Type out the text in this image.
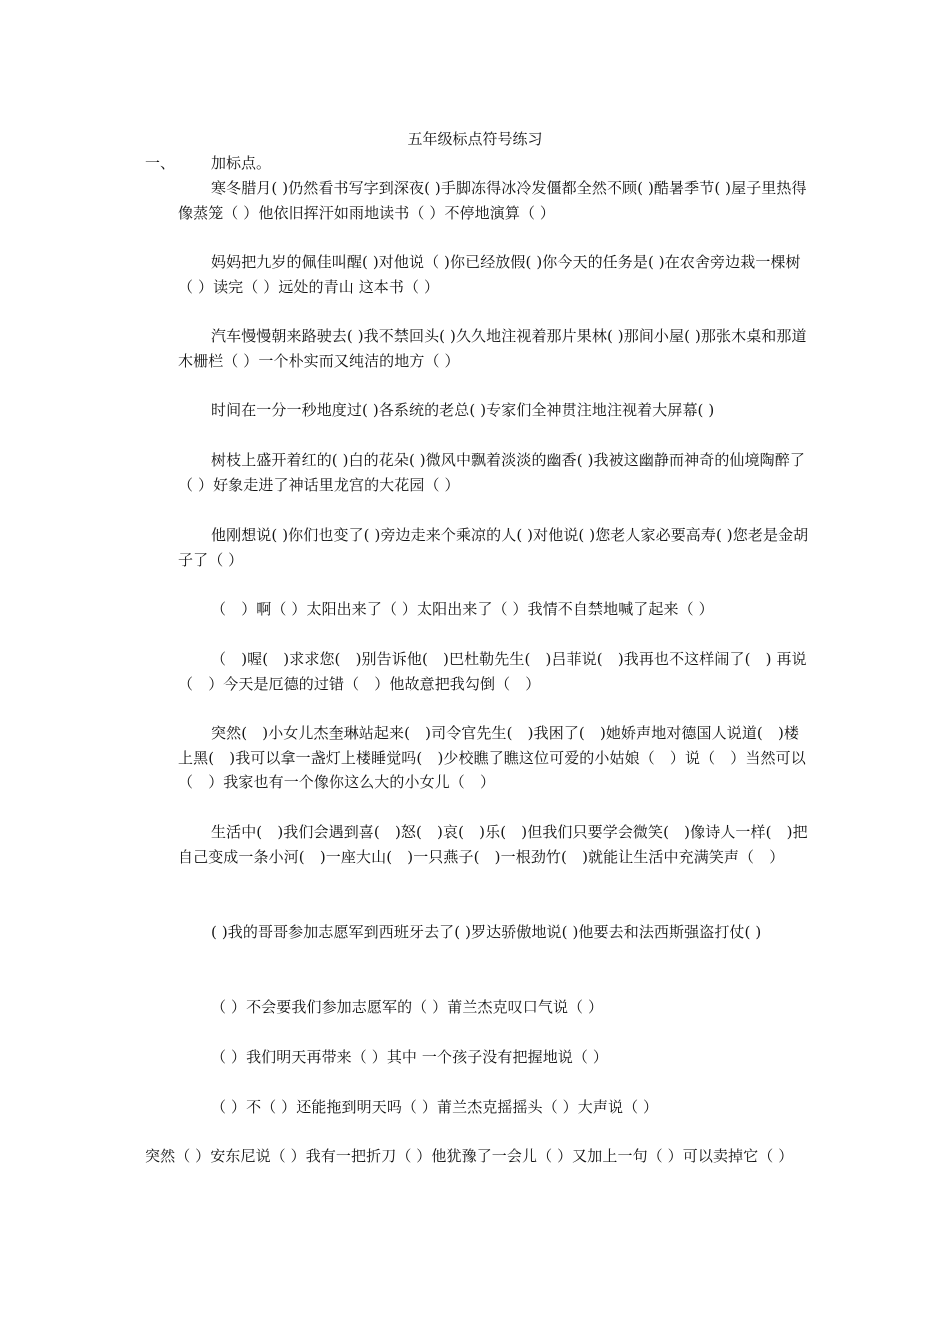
五年级标点符号练习
一、 加标点。
寒冬腊月( )仍然看书写字到深夜( )手脚冻得冰冷发僵都全然不顾( )酷暑季节( )屋子里热得像蒸笼（ ）他依旧挥汗如雨地读书（ ）不停地演算（ ）
妈妈把九岁的佩佳叫醒( )对他说（ )你已经放假( )你今天的任务是( )在农舍旁边栽一棵树（ ）读完（ ）远处的青山 这本书（ ）
汽车慢慢朝来路驶去( )我不禁回头( )久久地注视着那片果林( )那间小屋( )那张木桌和那道木栅栏（ ）一个朴实而又纯洁的地方（ ）
时间在一分一秒地度过( )各系统的老总( )专家们全神贯注地注视着大屏幕( )
树枝上盛开着红的( )白的花朵( )微风中飘着淡淡的幽香( )我被这幽静而神奇的仙境陶醉了（ ）好象走进了神话里龙宫的大花园（ ）
他刚想说( )你们也变了( )旁边走来个乘凉的人( )对他说( )您老人家必要高寿( )您老是金胡子了（ ）
（　）啊（ ）太阳出来了（ ）太阳出来了（ ）我情不自禁地喊了起来（ ）
（　)喔(　)求求您(　)别告诉他(　)巴杜勒先生(　)吕菲说(　)我再也不这样闹了(　) 再说（　）今天是厄德的过错（　）他故意把我勾倒（　）
突然(　)小女儿杰奎琳站起来(　)司令官先生(　)我困了(　)她娇声地对德国人说道(　)楼上黑(　)我可以拿一盏灯上楼睡觉吗(　)少校瞧了瞧这位可爱的小姑娘（　）说（　）当然可以（　）我家也有一个像你这么大的小女儿（　）
生活中(　)我们会遇到喜(　)怒(　)哀(　)乐(　)但我们只要学会微笑(　)像诗人一样(　)把自己变成一条小河(　)一座大山(　)一只燕子(　)一根劲竹(　)就能让生活中充满笑声（　）
( )我的哥哥参加志愿军到西班牙去了( )罗达骄傲地说( )他要去和法西斯强盗打仗( )
（ ）不会要我们参加志愿军的（ ）莆兰杰克叹口气说（ ）
（ ）我们明天再带来（ ）其中 一个孩子没有把握地说（ ）
（ ）不（ ）还能拖到明天吗（ ）莆兰杰克摇摇头（ ）大声说（ ）
突然（ ）安东尼说（ ）我有一把折刀（ ）他犹豫了一会儿（ ）又加上一句（ ）可以卖掉它（ ）
